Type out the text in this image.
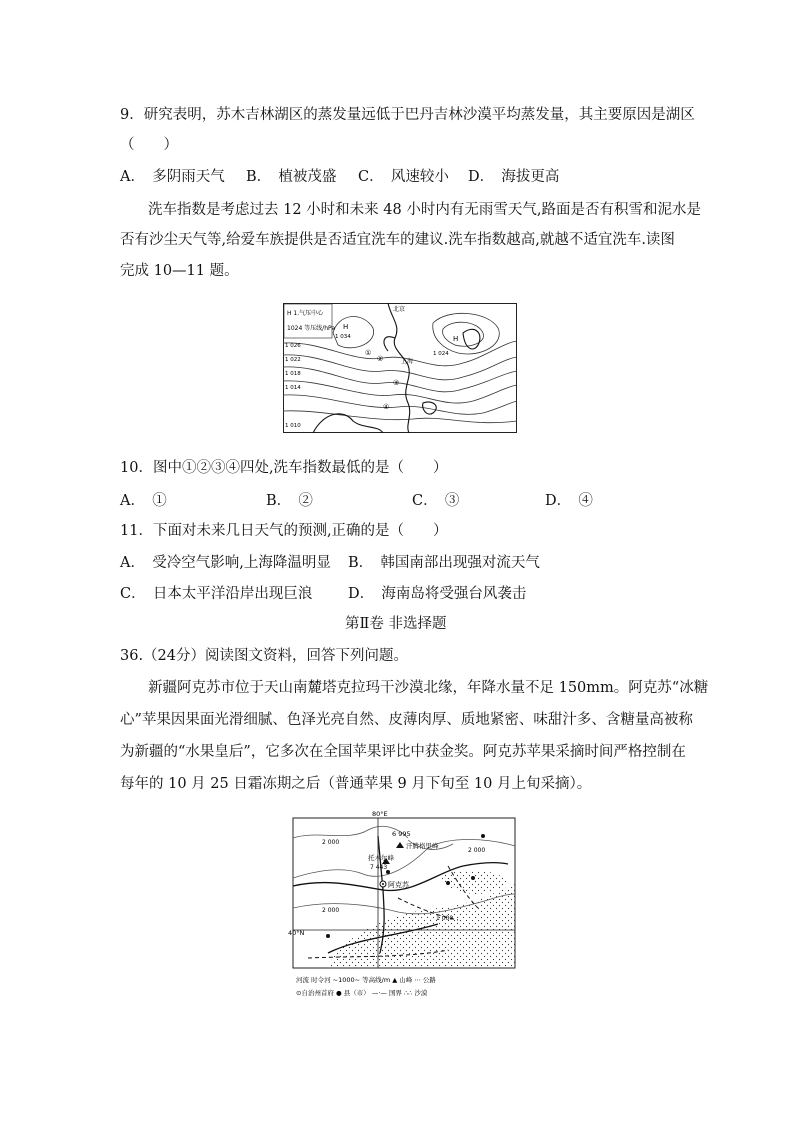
9．研究表明，苏木吉林湖区的蒸发量远低于巴丹吉林沙漠平均蒸发量，其主要原因是湖区
（　　）
A．　多阴雨天气 B．　植被茂盛 C．　风速较小 D．　海拔更高
洗车指数是考虑过去 12 小时和未来 48 小时内有无雨雪天气,路面是否有积雪和泥水是
否有沙尘天气等,给爱车族提供是否适宜洗车的建议.洗车指数越高,就越不适宜洗车.读图
完成 10—11 题。
H 1.气压中心
1024 等压线/hPa
北京
上海
H
1 034	H
1 024
1 026
1 022
1 018
1 014
1 010
①
②
③
④
10．图中①②③④四处,洗车指数最低的是（　　）
A．　①	B．　②	C．　③	D．　④
11．下面对未来几日天气的预测,正确的是（　　）
A．　受冷空气影响,上海降温明显 B．　韩国南部出现强对流天气
C．　日本太平洋沿岸出现巨浪 D．　海南岛将受强台风袭击
第Ⅱ卷 非选择题
36.（24分）阅读图文资料，回答下列问题。
新疆阿克苏市位于天山南麓塔克拉玛干沙漠北缘，年降水量不足 150mm。阿克苏“冰糖
心”苹果因果面光滑细腻、色泽光亮自然、皮薄肉厚、质地紧密、味甜汁多、含糖量高被称
为新疆的“水果皇后”，它多次在全国苹果评比中获金奖。阿克苏苹果采摘时间严格控制在
每年的 10 月 25 日霜冻期之后（普通苹果 9 月下旬至 10 月上旬采摘）。
80°E
40°N
6 995
汗腾格里峰
托木尔峰
7 443
阿克苏
2 000
2 000
2 000
1 000
河流 时令河 ~1000~ 等高线/m ▲ 山峰 ⋯ 公路
⊙自治州首府 ● 县（市） —·— 国界 ∴∴ 沙漠
